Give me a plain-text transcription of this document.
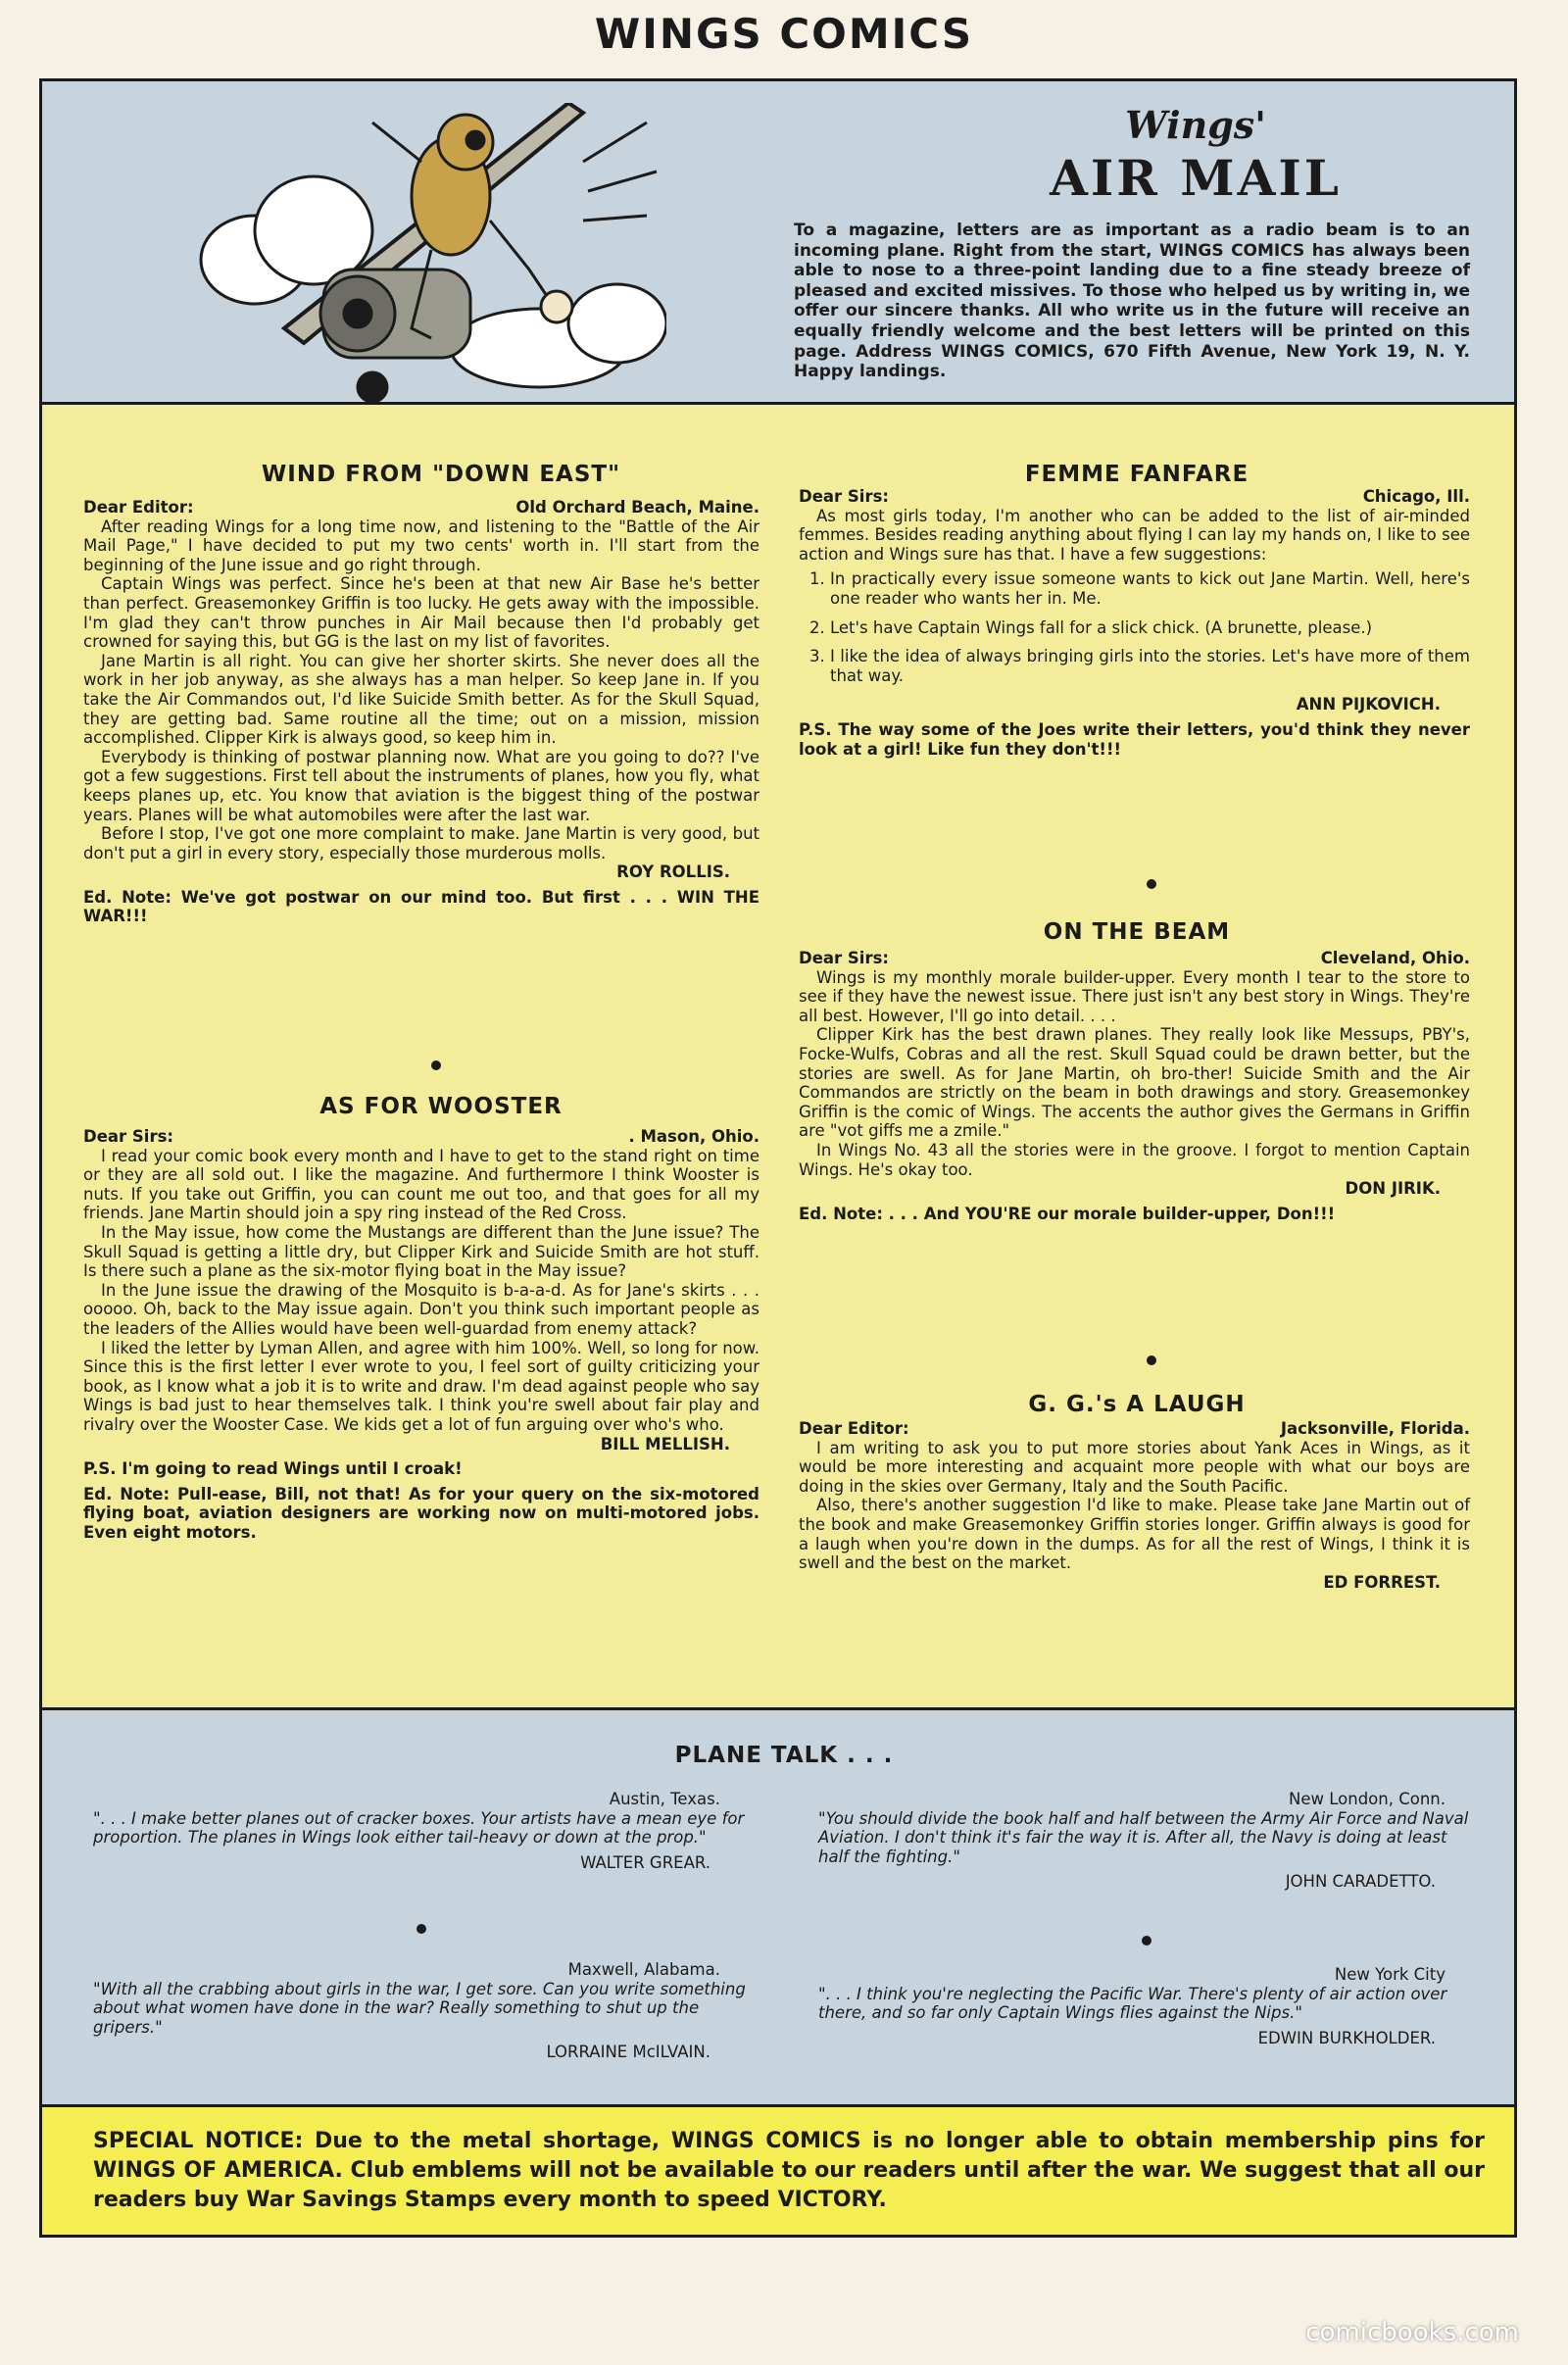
WINGS COMICS
Wings'
AIR MAIL
To a magazine, letters are as important as a radio beam is to an incoming plane. Right from the start, WINGS COMICS has always been able to nose to a three-point landing due to a fine steady breeze of pleased and excited missives. To those who helped us by writing in, we offer our sincere thanks. All who write us in the future will receive an equally friendly welcome and the best letters will be printed on this page. Address WINGS COMICS, 670 Fifth Avenue, New York 19, N. Y. Happy landings.
WIND FROM "DOWN EAST"
Dear Editor:	Old Orchard Beach, Maine.

After reading Wings for a long time now, and listening to the "Battle of the Air Mail Page," I have decided to put my two cents' worth in. I'll start from the beginning of the June issue and go right through.

Captain Wings was perfect. Since he's been at that new Air Base he's better than perfect. Greasemonkey Griffin is too lucky. He gets away with the impossible. I'm glad they can't throw punches in Air Mail because then I'd probably get crowned for saying this, but GG is the last on my list of favorites.

Jane Martin is all right. You can give her shorter skirts. She never does all the work in her job anyway, as she always has a man helper. So keep Jane in. If you take the Air Commandos out, I'd like Suicide Smith better. As for the Skull Squad, they are getting bad. Same routine all the time; out on a mission, mission accomplished. Clipper Kirk is always good, so keep him in.

Everybody is thinking of postwar planning now. What are you going to do?? I've got a few suggestions. First tell about the instruments of planes, how you fly, what keeps planes up, etc. You know that aviation is the biggest thing of the postwar years. Planes will be what automobiles were after the last war.

Before I stop, I've got one more complaint to make. Jane Martin is very good, but don't put a girl in every story, especially those murderous molls.

ROY ROLLIS.
Ed. Note: We've got postwar on our mind too. But first . . . WIN THE WAR!!!
AS FOR WOOSTER
Dear Sirs:	. Mason, Ohio.

I read your comic book every month and I have to get to the stand right on time or they are all sold out. I like the magazine. And furthermore I think Wooster is nuts. If you take out Griffin, you can count me out too, and that goes for all my friends. Jane Martin should join a spy ring instead of the Red Cross.

In the May issue, how come the Mustangs are different than the June issue? The Skull Squad is getting a little dry, but Clipper Kirk and Suicide Smith are hot stuff. Is there such a plane as the six-motor flying boat in the May issue?

In the June issue the drawing of the Mosquito is b-a-a-d. As for Jane's skirts . . . ooooo. Oh, back to the May issue again. Don't you think such important people as the leaders of the Allies would have been well-guardad from enemy attack?

I liked the letter by Lyman Allen, and agree with him 100%. Well, so long for now. Since this is the first letter I ever wrote to you, I feel sort of guilty criticizing your book, as I know what a job it is to write and draw. I'm dead against people who say Wings is bad just to hear themselves talk. I think you're swell about fair play and rivalry over the Wooster Case. We kids get a lot of fun arguing over who's who.

BILL MELLISH.
P.S. I'm going to read Wings until I croak!
Ed. Note: Pull-ease, Bill, not that! As for your query on the six-motored flying boat, aviation designers are working now on multi-motored jobs. Even eight motors.
FEMME FANFARE
Dear Sirs:	Chicago, Ill.

As most girls today, I'm another who can be added to the list of air-minded femmes. Besides reading anything about flying I can lay my hands on, I like to see action and Wings sure has that. I have a few suggestions:

1. In practically every issue someone wants to kick out Jane Martin. Well, here's one reader who wants her in. Me.
2. Let's have Captain Wings fall for a slick chick. (A brunette, please.)
3. I like the idea of always bringing girls into the stories. Let's have more of them that way.
ANN PIJKOVICH.
P.S. The way some of the Joes write their letters, you'd think they never look at a girl! Like fun they don't!!!
ON THE BEAM
Dear Sirs:	Cleveland, Ohio.

Wings is my monthly morale builder-upper. Every month I tear to the store to see if they have the newest issue. There just isn't any best story in Wings. They're all best. However, I'll go into detail. . . .

Clipper Kirk has the best drawn planes. They really look like Messups, PBY's, Focke-Wulfs, Cobras and all the rest. Skull Squad could be drawn better, but the stories are swell. As for Jane Martin, oh bro-ther! Suicide Smith and the Air Commandos are strictly on the beam in both drawings and story. Greasemonkey Griffin is the comic of Wings. The accents the author gives the Germans in Griffin are "vot giffs me a zmile."

In Wings No. 43 all the stories were in the groove. I forgot to mention Captain Wings. He's okay too.

DON JIRIK.
Ed. Note: . . . And YOU'RE our morale builder-upper, Don!!!
G. G.'s A LAUGH
Dear Editor:	Jacksonville, Florida.

I am writing to ask you to put more stories about Yank Aces in Wings, as it would be more interesting and acquaint more people with what our boys are doing in the skies over Germany, Italy and the South Pacific.

Also, there's another suggestion I'd like to make. Please take Jane Martin out of the book and make Greasemonkey Griffin stories longer. Griffin always is good for a laugh when you're down in the dumps. As for all the rest of Wings, I think it is swell and the best on the market.

ED FORREST.
PLANE TALK . . .
Austin, Texas.
". . . I make better planes out of cracker boxes. Your artists have a mean eye for proportion. The planes in Wings look either tail-heavy or down at the prop."
WALTER GREAR.
New London, Conn.
"You should divide the book half and half between the Army Air Force and Naval Aviation. I don't think it's fair the way it is. After all, the Navy is doing at least half the fighting."
JOHN CARADETTO.
Maxwell, Alabama.
"With all the crabbing about girls in the war, I get sore. Can you write something about what women have done in the war? Really something to shut up the gripers."
LORRAINE McILVAIN.
New York City
". . . I think you're neglecting the Pacific War. There's plenty of air action over there, and so far only Captain Wings flies against the Nips."
EDWIN BURKHOLDER.
SPECIAL NOTICE: Due to the metal shortage, WINGS COMICS is no longer able to obtain membership pins for WINGS OF AMERICA. Club emblems will not be available to our readers until after the war. We suggest that all our readers buy War Savings Stamps every month to speed VICTORY.
comicbooks.com
